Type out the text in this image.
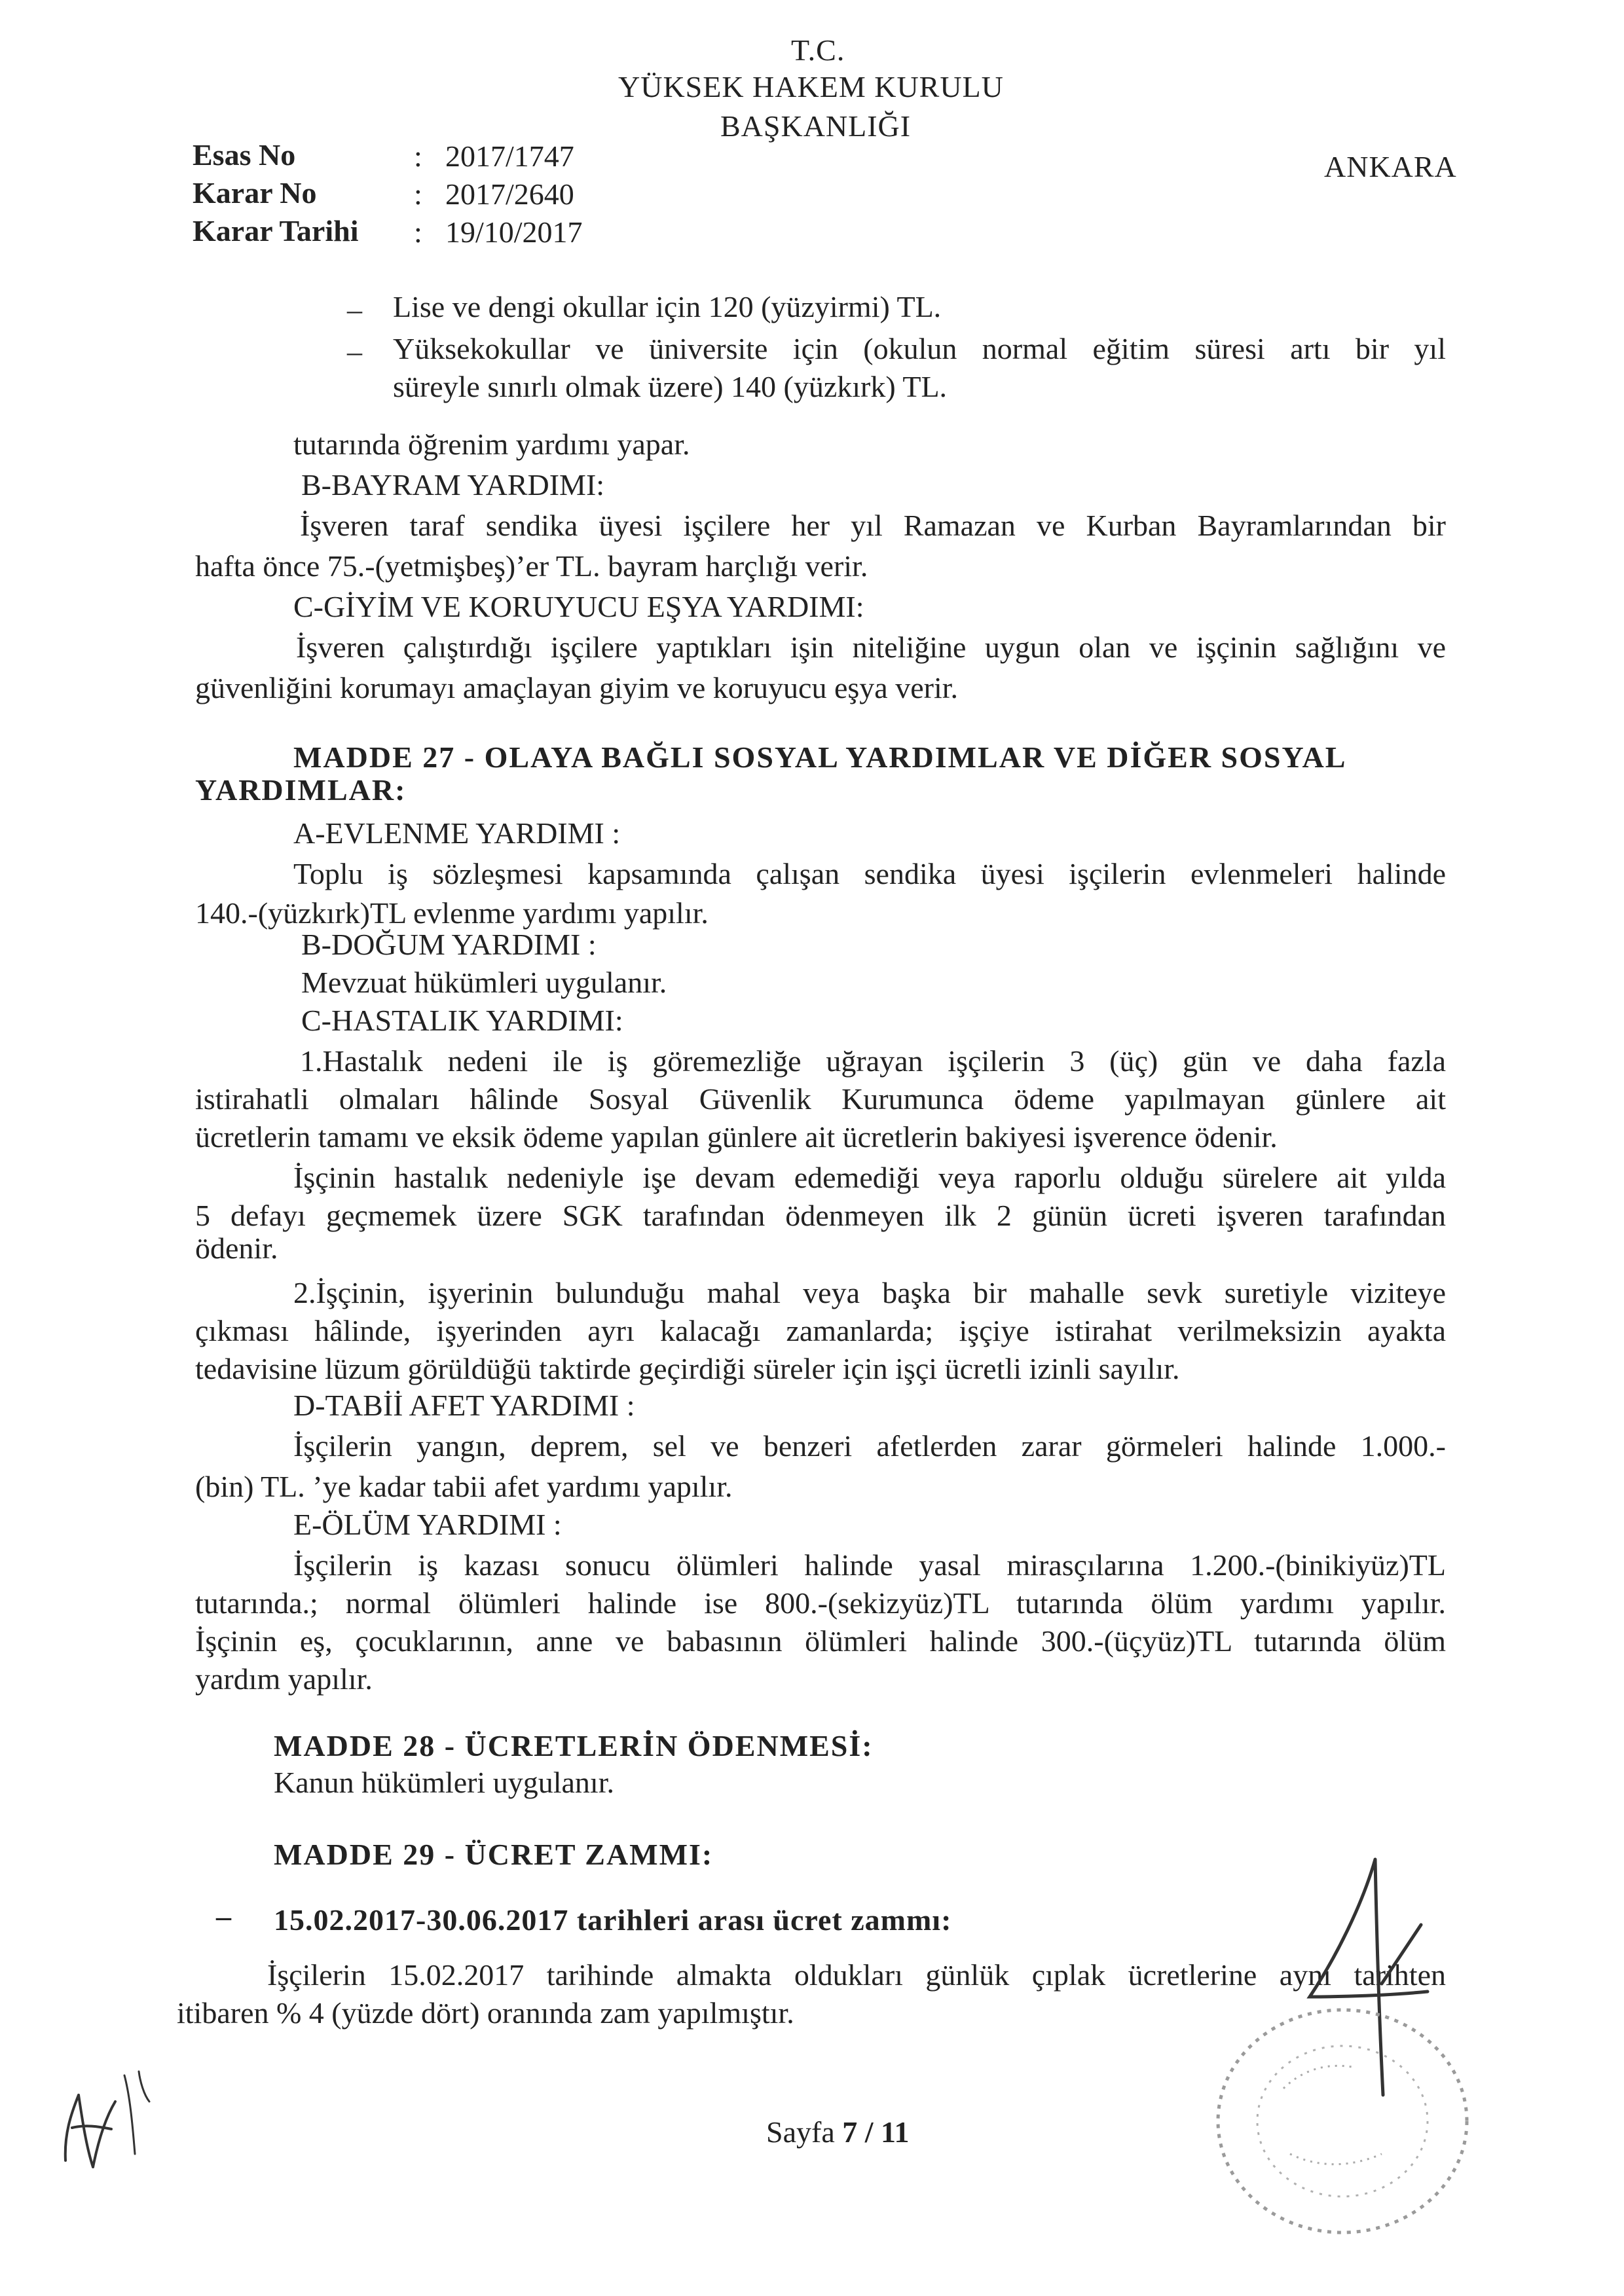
T.C.
YÜKSEK HAKEM KURULU
BAŞKANLIĞI
ANKARA
Esas No	: 2017/1747
Karar No	: 2017/2640
Karar Tarihi : 19/10/2017
– Lise ve dengi okullar için 120 (yüzyirmi) TL.
– Yüksekokullar ve üniversite için (okulun normal eğitim süresi artı bir yıl
süreyle sınırlı olmak üzere) 140 (yüzkırk) TL.
tutarında öğrenim yardımı yapar.
B-BAYRAM YARDIMI:
İşveren taraf sendika üyesi işçilere her yıl Ramazan ve Kurban Bayramlarından bir
hafta önce 75.-(yetmişbeş)’er TL. bayram harçlığı verir.
C-GİYİM VE KORUYUCU EŞYA YARDIMI:
İşveren çalıştırdığı işçilere yaptıkları işin niteliğine uygun olan ve işçinin sağlığını ve
güvenliğini korumayı amaçlayan giyim ve koruyucu eşya verir.
MADDE 27 - OLAYA BAĞLI SOSYAL YARDIMLAR VE DİĞER SOSYAL
YARDIMLAR:
A-EVLENME YARDIMI :
Toplu iş sözleşmesi kapsamında çalışan sendika üyesi işçilerin evlenmeleri halinde
140.-(yüzkırk)TL evlenme yardımı yapılır.
B-DOĞUM YARDIMI :
Mevzuat hükümleri uygulanır.
C-HASTALIK YARDIMI:
1.Hastalık nedeni ile iş göremezliğe uğrayan işçilerin 3 (üç) gün ve daha fazla
istirahatli olmaları hâlinde Sosyal Güvenlik Kurumunca ödeme yapılmayan günlere ait
ücretlerin tamamı ve eksik ödeme yapılan günlere ait ücretlerin bakiyesi işverence ödenir.
İşçinin hastalık nedeniyle işe devam edemediği veya raporlu olduğu sürelere ait yılda
5 defayı geçmemek üzere SGK tarafından ödenmeyen ilk 2 günün ücreti işveren tarafından
ödenir.
2.İşçinin, işyerinin bulunduğu mahal veya başka bir mahalle sevk suretiyle viziteye
çıkması hâlinde, işyerinden ayrı kalacağı zamanlarda; işçiye istirahat verilmeksizin ayakta
tedavisine lüzum görüldüğü taktirde geçirdiği süreler için işçi ücretli izinli sayılır.
D-TABİİ AFET YARDIMI :
İşçilerin yangın, deprem, sel ve benzeri afetlerden zarar görmeleri halinde 1.000.-
(bin) TL. ’ye kadar tabii afet yardımı yapılır.
E-ÖLÜM YARDIMI :
İşçilerin iş kazası sonucu ölümleri halinde yasal mirasçılarına 1.200.-(binikiyüz)TL
tutarında.; normal ölümleri halinde ise 800.-(sekizyüz)TL tutarında ölüm yardımı yapılır.
İşçinin eş, çocuklarının, anne ve babasının ölümleri halinde 300.-(üçyüz)TL tutarında ölüm
yardım yapılır.
MADDE 28 - ÜCRETLERİN ÖDENMESİ:
Kanun hükümleri uygulanır.
MADDE 29 - ÜCRET ZAMMI:
– 15.02.2017-30.06.2017 tarihleri arası ücret zammı:
İşçilerin 15.02.2017 tarihinde almakta oldukları günlük çıplak ücretlerine aynı tarihten
itibaren % 4 (yüzde dört) oranında zam yapılmıştır.
Sayfa 7 / 11
